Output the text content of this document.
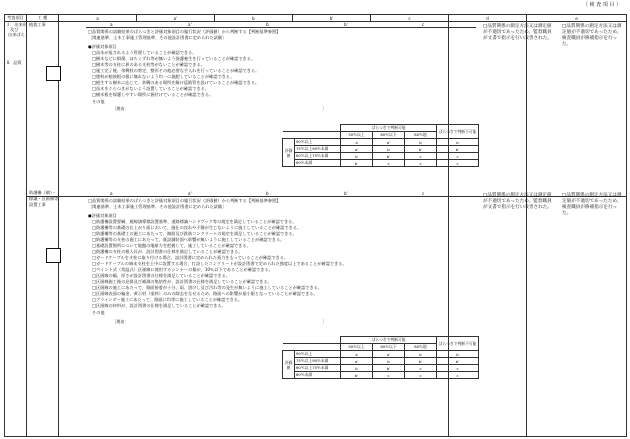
（ 検 査 項 目 ）
考査項目	工 種	a	a'	b	b'	c	d	e

３．出来形
及び
出来ばえ
Ⅱ．品質
植栽工事	a	a'	b	b'	c
□品質関係の試験結果のばらつきと評価対象項目の履行状況（評価値）から判断する【判断基準参照】
［関連基準、土木工事施工管理基準、その他設計図書に定められた試験］
●評価対象項目
□苗木が仮されるよう管理していることが確認できる。
□樹木などに損傷、ほちくずれ等が無いよう保護養生を行っていることが確認できる。
□樹木等の支柱に異のある支柱等がないことが確認できる。
□施工完了後、余剰枝の剪定、整形その他必要な手入れを行っていることが確認できる。
□肥料が根接根の根に無れないよう均一に施肥していることが確認できる。
□植生する樹木に応じて、余剰のある場所を解け返紙管を設けていることが確認できる。
□苗木をぐらつきがないよう設置していることが確認できる。
□樹木板を保護しやすい場所に掘付けていることが確認できる。
その他
［理由：	］
□品質関係の測定方法又は測定値が不適切であったため、監督職員が文書で指示を行い改善された。
□品質関係の測定方法又は測定値が不適切であったため、検査職員が修補指示を行った。
		ばらつきで判断可能			ばらつきで判断不可能
		50％以上	80％以下	80％超	
評価値	90％以上	a	a'	b	b
	75％以上90％未満	a'	b	b'	b'
	60％以上75％未満	b	b'	c	c
	60％未満	b'	c	c	c
防護柵（網）・標識・区画線等設置工事
a	a'	b	b'	c
□品質関係の試験結果のばらつきと評価対象項目の履行状況（評価値）から判断する【判断基準参照】
［関連基準、土木工事施工管理基準、その他設計図書に定められた試験］
●評価対象項目
□防護柵設置要綱、視線誘導標設置基準、道路標識ハンドブック等の規定を満足していることが確認できる。
□防護柵等の基礎の仕上がり面において、施仕の良れや不静が生じないように施工していることが確認できる。
□防護柵等の基礎工の施工にあたって、無筋及び鉄筋コンクリートの規定を満足していることが確認できる。
□防護柵等の支柱の施工にあたって、既設舗装面へ影響が無いように施工していることが確認できる。
□基礎設置箇所について地盤の地耐力を把握して、施工していることが確認できる。
□防護柵の支柱の根入長が、設計図書の仕様を満足していることが確認できる。
□ガードケーブルを支柱に取り付ける場合、設計図書に定められた張力をもっていることが確認できる。
□ガードケーブルの端末支柱を土中に設置する場合、打設したコンクリートが設計図書で定められた強度以上であることが確認できる。
□ペイント式（常温式）区画線に使用するシンナーの量が、10％以下であることが確認できる。
□区画線の幅、厚さが設計図書の仕様を満足していることが確認できる。
□区画線施工後の見掛及び補測の集結性が、設計図書の仕様を満足していることが確認できる。
□区画線の施工にあたって、路面接着が十分、雨、溶けし及び汚れ等の発生が無いように施工していることが確認できる。
□区画線表面の輪金、黄示材（塗料）のみの除去をなせるため、路面への影響が最小限となっていることが確認できる。
□ブラインダー施工にあたって、路面に均等に施工していることが確認できる。
□区画線の材料が、設計図書の仕様を満足していることが確認できる。
その他
［理由：	］
□品質関係の測定方法又は測定値が不適切であったため、監督職員が文書で指示を行い改善された。
□品質関係の測定方法又は測定値が不適切であったため、検査職員が修補指示を行った。
		ばらつきで判断可能			ばらつきで判断不可能
		50％以上	80％以下	80％超	
評価値	90％以上	a	a'	b	b
	75％以上90％未満	a'	b	b'	b'
	60％以上75％未満	b	b'	c	c
	60％未満	b'	c	c	c
